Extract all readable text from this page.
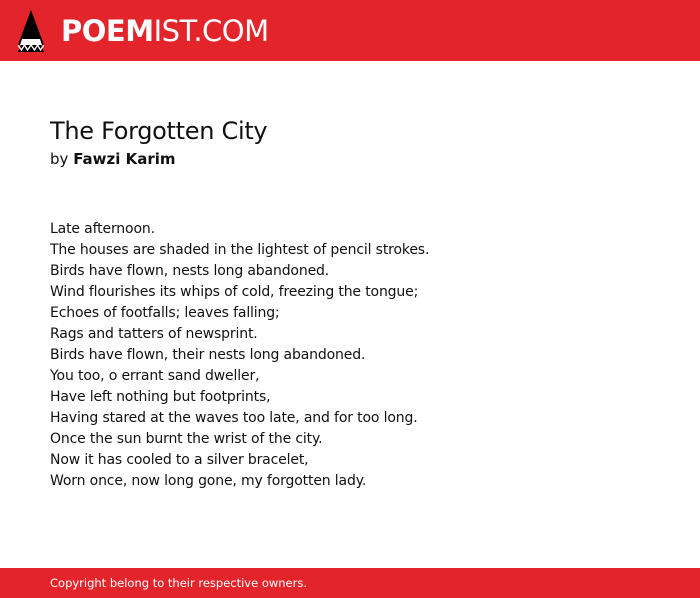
POEMIST.COM
The Forgotten City
by Fawzi Karim
Late afternoon.
The houses are shaded in the lightest of pencil strokes.
Birds have flown, nests long abandoned.
Wind flourishes its whips of cold, freezing the tongue;
Echoes of footfalls; leaves falling;
Rags and tatters of newsprint.
Birds have flown, their nests long abandoned.
You too, o errant sand dweller,
Have left nothing but footprints,
Having stared at the waves too late, and for too long.
Once the sun burnt the wrist of the city.
Now it has cooled to a silver bracelet,
Worn once, now long gone, my forgotten lady.
Copyright belong to their respective owners.
